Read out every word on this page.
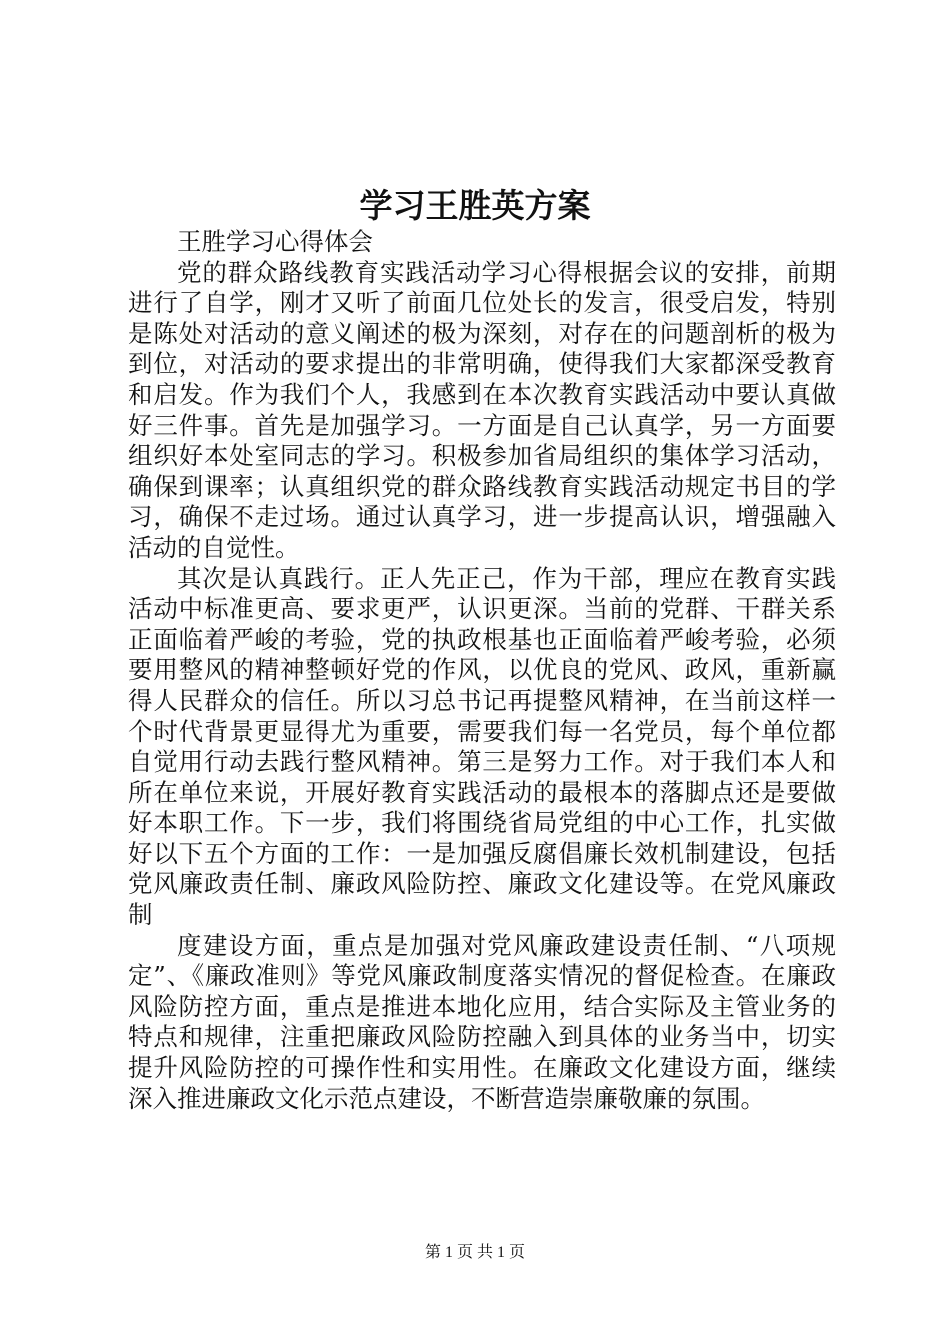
学习王胜英方案

王胜学习心得体会

党的群众路线教育实践活动学习心得根据会议的安排，前期进行了自学，刚才又听了前面几位处长的发言，很受启发，特别是陈处对活动的意义阐述的极为深刻，对存在的问题剖析的极为到位，对活动的要求提出的非常明确，使得我们大家都深受教育和启发。作为我们个人，我感到在本次教育实践活动中要认真做好三件事。首先是加强学习。一方面是自己认真学，另一方面要组织好本处室同志的学习。积极参加省局组织的集体学习活动，确保到课率；认真组织党的群众路线教育实践活动规定书目的学习，确保不走过场。通过认真学习，进一步提高认识，增强融入活动的自觉性。

其次是认真践行。正人先正己，作为干部，理应在教育实践活动中标准更高、要求更严，认识更深。当前的党群、干群关系正面临着严峻的考验，党的执政根基也正面临着严峻考验，必须要用整风的精神整顿好党的作风，以优良的党风、政风，重新赢得人民群众的信任。所以习总书记再提整风精神，在当前这样一个时代背景更显得尤为重要，需要我们每一名党员，每个单位都自觉用行动去践行整风精神。第三是努力工作。对于我们本人和所在单位来说，开展好教育实践活动的最根本的落脚点还是要做好本职工作。下一步，我们将围绕省局党组的中心工作，扎实做好以下五个方面的工作：一是加强反腐倡廉长效机制建设，包括党风廉政责任制、廉政风险防控、廉政文化建设等。在党风廉政制

度建设方面，重点是加强对党风廉政建设责任制、“八项规定”、《廉政准则》等党风廉政制度落实情况的督促检查。在廉政风险防控方面，重点是推进本地化应用，结合实际及主管业务的特点和规律，注重把廉政风险防控融入到具体的业务当中，切实提升风险防控的可操作性和实用性。在廉政文化建设方面，继续深入推进廉政文化示范点建设，不断营造崇廉敬廉的氛围。

第 1 页 共 1 页
